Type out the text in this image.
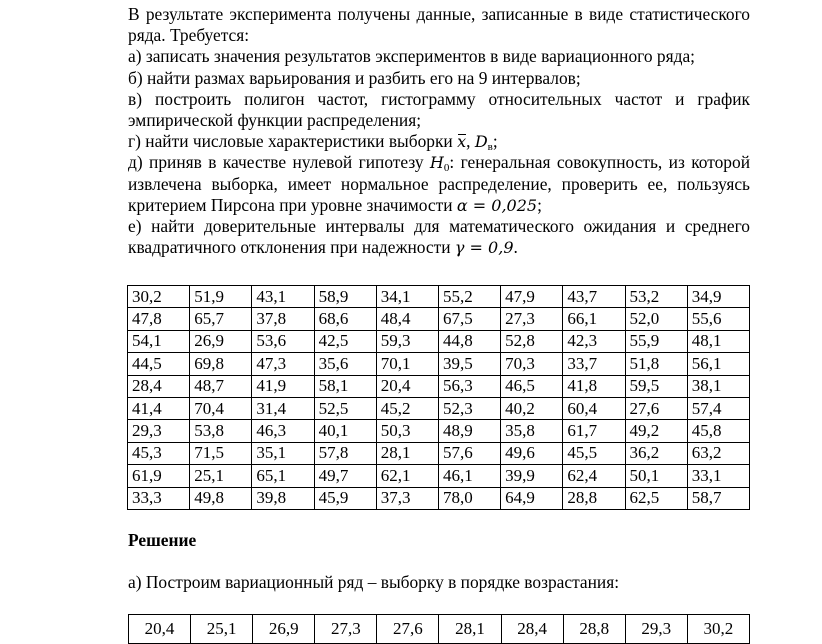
В результате эксперимента получены данные, записанные в виде статистического ряда. Требуется:

а) записать значения результатов экспериментов в виде вариационного ряда;

б) найти размах варьирования и разбить его на 9 интервалов;

в) построить полигон частот, гистограмму относительных частот и график эмпирической функции распределения;

г) найти числовые характеристики выборки x, $D_в$;

д) приняв в качестве нулевой гипотезу $H_0$: генеральная совокупность, из которой извлечена выборка, имеет нормальное распределение, проверить ее, пользуясь критерием Пирсона при уровне значимости α = 0,025;

е) найти доверительные интервалы для математического ожидания и среднего квадратичного отклонения при надежности γ = 0,9.

30,2	51,9	43,1	58,9	34,1	55,2	47,9	43,7	53,2	34,9
47,8	65,7	37,8	68,6	48,4	67,5	27,3	66,1	52,0	55,6
54,1	26,9	53,6	42,5	59,3	44,8	52,8	42,3	55,9	48,1
44,5	69,8	47,3	35,6	70,1	39,5	70,3	33,7	51,8	56,1
28,4	48,7	41,9	58,1	20,4	56,3	46,5	41,8	59,5	38,1
41,4	70,4	31,4	52,5	45,2	52,3	40,2	60,4	27,6	57,4
29,3	53,8	46,3	40,1	50,3	48,9	35,8	61,7	49,2	45,8
45,3	71,5	35,1	57,8	28,1	57,6	49,6	45,5	36,2	63,2
61,9	25,1	65,1	49,7	62,1	46,1	39,9	62,4	50,1	33,1
33,3	49,8	39,8	45,9	37,3	78,0	64,9	28,8	62,5	58,7
Решение
а) Построим вариационный ряд – выборку в порядке возрастания:
20,4	25,1	26,9	27,3	27,6	28,1	28,4	28,8	29,3	30,2
